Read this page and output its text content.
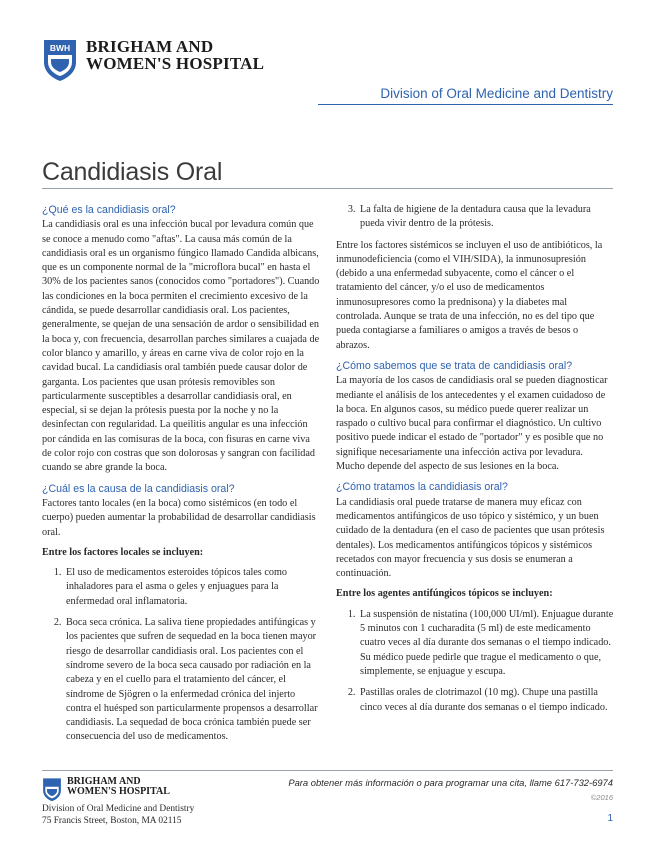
BWH BRIGHAM AND
WOMEN'S HOSPITAL
Division of Oral Medicine and Dentistry
Candidiasis Oral
¿Qué es la candidiasis oral?
La candidiasis oral es una infección bucal por levadura común que se conoce a menudo como "aftas". La causa más común de la candidiasis oral es un organismo fúngico llamado Candida albicans, que es un componente normal de la "microflora bucal" en hasta el 30% de los pacientes sanos (conocidos como "portadores"). Cuando las condiciones en la boca permiten el crecimiento excesivo de la cándida, se puede desarrollar candidiasis oral. Los pacientes, generalmente, se quejan de una sensación de ardor o sensibilidad en la boca y, con frecuencia, desarrollan parches similares a cuajada de color blanco y amarillo, y áreas en carne viva de color rojo en la cavidad bucal. La candidiasis oral también puede causar dolor de garganta. Los pacientes que usan prótesis removibles son particularmente susceptibles a desarrollar candidiasis oral, en especial, si se dejan la prótesis puesta por la noche y no la desinfectan con regularidad. La queilitis angular es una infección por cándida en las comisuras de la boca, con fisuras en carne viva de color rojo con costras que son dolorosas y sangran con facilidad cuando se abre grande la boca.
¿Cuál es la causa de la candidiasis oral?
Factores tanto locales (en la boca) como sistémicos (en todo el cuerpo) pueden aumentar la probabilidad de desarrollar candidiasis oral.
Entre los factores locales se incluyen:
1. El uso de medicamentos esteroides tópicos tales como inhaladores para el asma o geles y enjuagues para la enfermedad oral inflamatoria.
2. Boca seca crónica. La saliva tiene propiedades antifúngicas y los pacientes que sufren de sequedad en la boca tienen mayor riesgo de desarrollar candidiasis oral. Los pacientes con el síndrome severo de la boca seca causado por radiación en la cabeza y en el cuello para el tratamiento del cáncer, el síndrome de Sjögren o la enfermedad crónica del injerto contra el huésped son particularmente propensos a desarrollar candidiasis. La sequedad de boca crónica también puede ser consecuencia del uso de medicamentos.
3. La falta de higiene de la dentadura causa que la levadura pueda vivir dentro de la prótesis.
Entre los factores sistémicos se incluyen el uso de antibióticos, la inmunodeficiencia (como el VIH/SIDA), la inmunosupresión (debido a una enfermedad subyacente, como el cáncer o el tratamiento del cáncer, y/o el uso de medicamentos inmunosupresores como la prednisona) y la diabetes mal controlada. Aunque se trata de una infección, no es del tipo que pueda contagiarse a familiares o amigos a través de besos o abrazos.
¿Cómo sabemos que se trata de candidiasis oral?
La mayoría de los casos de candidiasis oral se pueden diagnosticar mediante el análisis de los antecedentes y el examen cuidadoso de la boca. En algunos casos, su médico puede querer realizar un raspado o cultivo bucal para confirmar el diagnóstico. Un cultivo positivo puede indicar el estado de "portador" y es posible que no signifique necesariamente una infección activa por levadura. Mucho depende del aspecto de sus lesiones en la boca.
¿Cómo tratamos la candidiasis oral?
La candidiasis oral puede tratarse de manera muy eficaz con medicamentos antifúngicos de uso tópico y sistémico, y un buen cuidado de la dentadura (en el caso de pacientes que usan prótesis dentales). Los medicamentos antifúngicos tópicos y sistémicos recetados con mayor frecuencia y sus dosis se enumeran a continuación.
Entre los agentes antifúngicos tópicos se incluyen:
1. La suspensión de nistatina (100,000 UI/ml). Enjuague durante 5 minutos con 1 cucharadita (5 ml) de este medicamento cuatro veces al día durante dos semanas o el tiempo indicado. Su médico puede pedirle que trague el medicamento o que, simplemente, se enjuague y escupa.
2. Pastillas orales de clotrimazol (10 mg). Chupe una pastilla cinco veces al día durante dos semanas o el tiempo indicado.
BRIGHAM AND
WOMEN'S HOSPITAL
Division of Oral Medicine and Dentistry
75 Francis Street, Boston, MA 02115
Para obtener más información o para programar una cita, llame 617-732-6974
©2016
1
